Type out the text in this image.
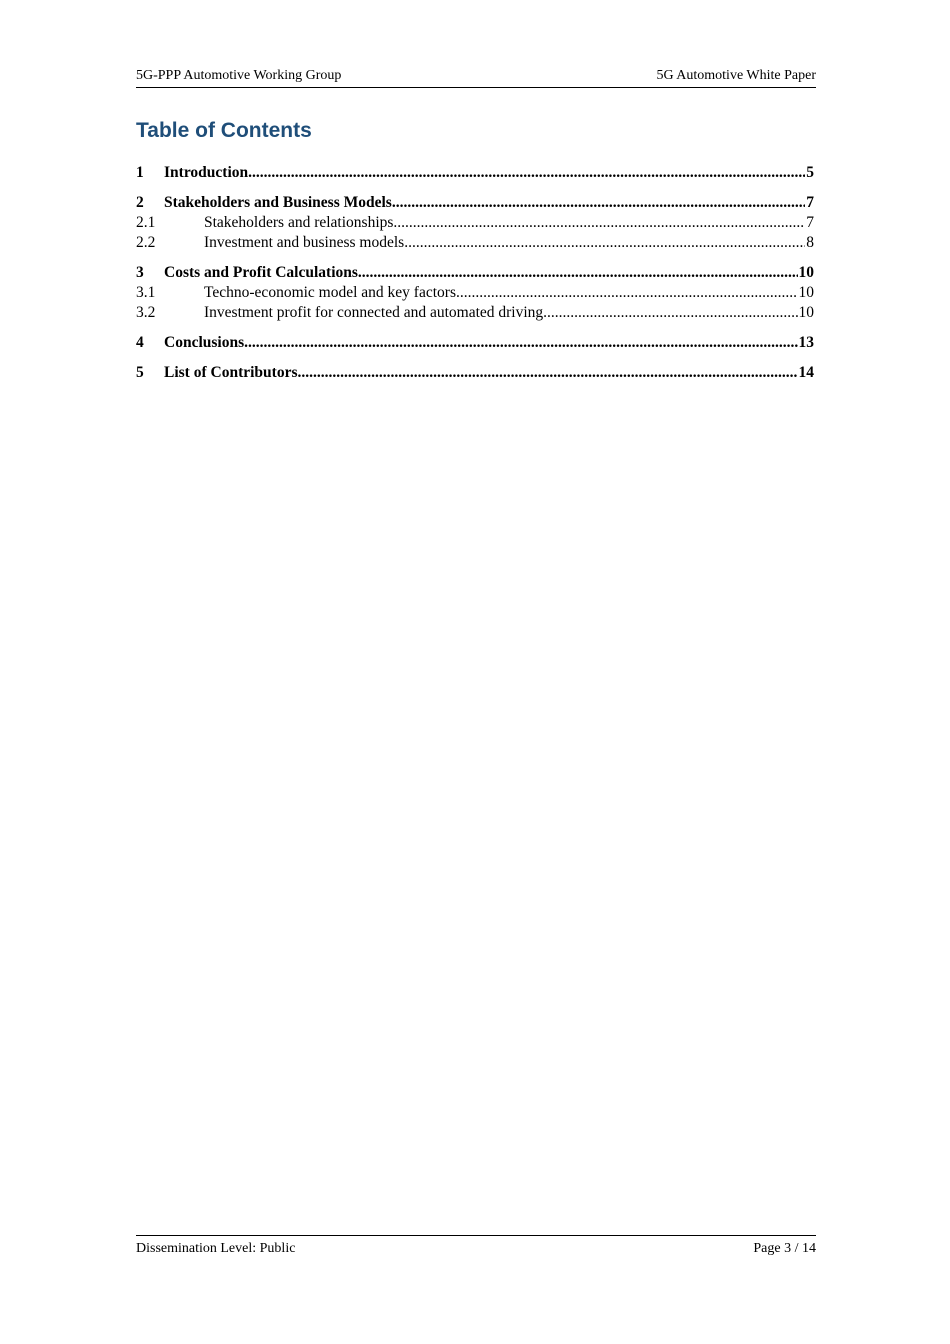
5G-PPP Automotive Working Group	5G Automotive White Paper
Table of Contents
1	Introduction .....	5
2	Stakeholders and Business Models .....	7
2.1	Stakeholders and relationships .....	7
2.2	Investment and business models .....	8
3	Costs and Profit Calculations .....	10
3.1	Techno-economic model and key factors .....	10
3.2	Investment profit for connected and automated driving .....	10
4	Conclusions .....	13
5	List of Contributors .....	14
Dissemination Level: Public	Page 3 / 14
